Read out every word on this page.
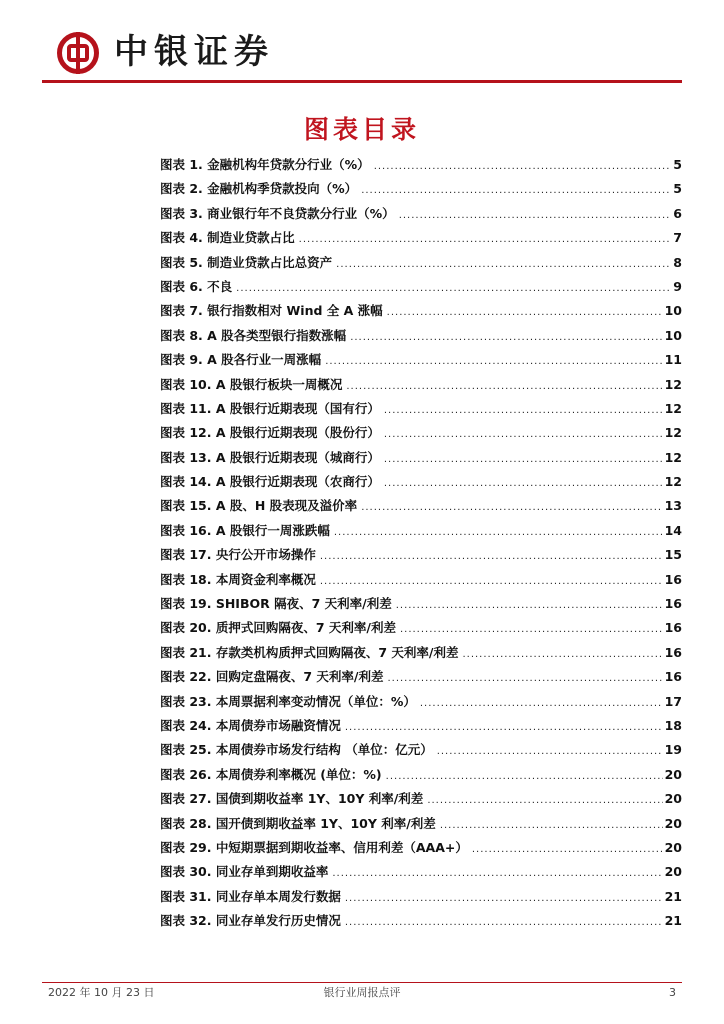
中银证券
图表目录
图表 1. 金融机构年贷款分行业（%） .....	5
图表 2. 金融机构季贷款投向（%） .....	5
图表 3. 商业银行年不良贷款分行业（%） .....	6
图表 4. 制造业贷款占比 .....	7
图表 5. 制造业贷款占比总资产 .....	8
图表 6. 不良 .....	9
图表 7. 银行指数相对 Wind 全 A 涨幅 .....	10
图表 8. A 股各类型银行指数涨幅 .....	10
图表 9. A 股各行业一周涨幅 .....	11
图表 10. A 股银行板块一周概况 .....	12
图表 11. A 股银行近期表现（国有行） .....	12
图表 12. A 股银行近期表现（股份行） .....	12
图表 13. A 股银行近期表现（城商行） .....	12
图表 14. A 股银行近期表现（农商行） .....	12
图表 15. A 股、H 股表现及溢价率 .....	13
图表 16. A 股银行一周涨跌幅 .....	14
图表 17. 央行公开市场操作 .....	15
图表 18. 本周资金利率概况 .....	16
图表 19. SHIBOR 隔夜、7 天利率/利差 .....	16
图表 20. 质押式回购隔夜、7 天利率/利差 .....	16
图表 21. 存款类机构质押式回购隔夜、7 天利率/利差 .....	16
图表 22. 回购定盘隔夜、7 天利率/利差 .....	16
图表 23. 本周票据利率变动情况（单位：%） .....	17
图表 24. 本周债券市场融资情况 .....	18
图表 25. 本周债券市场发行结构 （单位：亿元） .....	19
图表 26. 本周债券利率概况 (单位：%) .....	20
图表 27. 国债到期收益率 1Y、10Y 利率/利差 .....	20
图表 28. 国开债到期收益率 1Y、10Y 利率/利差 .....	20
图表 29. 中短期票据到期收益率、信用利差（AAA+） .....	20
图表 30. 同业存单到期收益率 .....	20
图表 31. 同业存单本周发行数据 .....	21
图表 32. 同业存单发行历史情况 .....	21
2022 年 10 月 23 日	银行业周报点评	3
